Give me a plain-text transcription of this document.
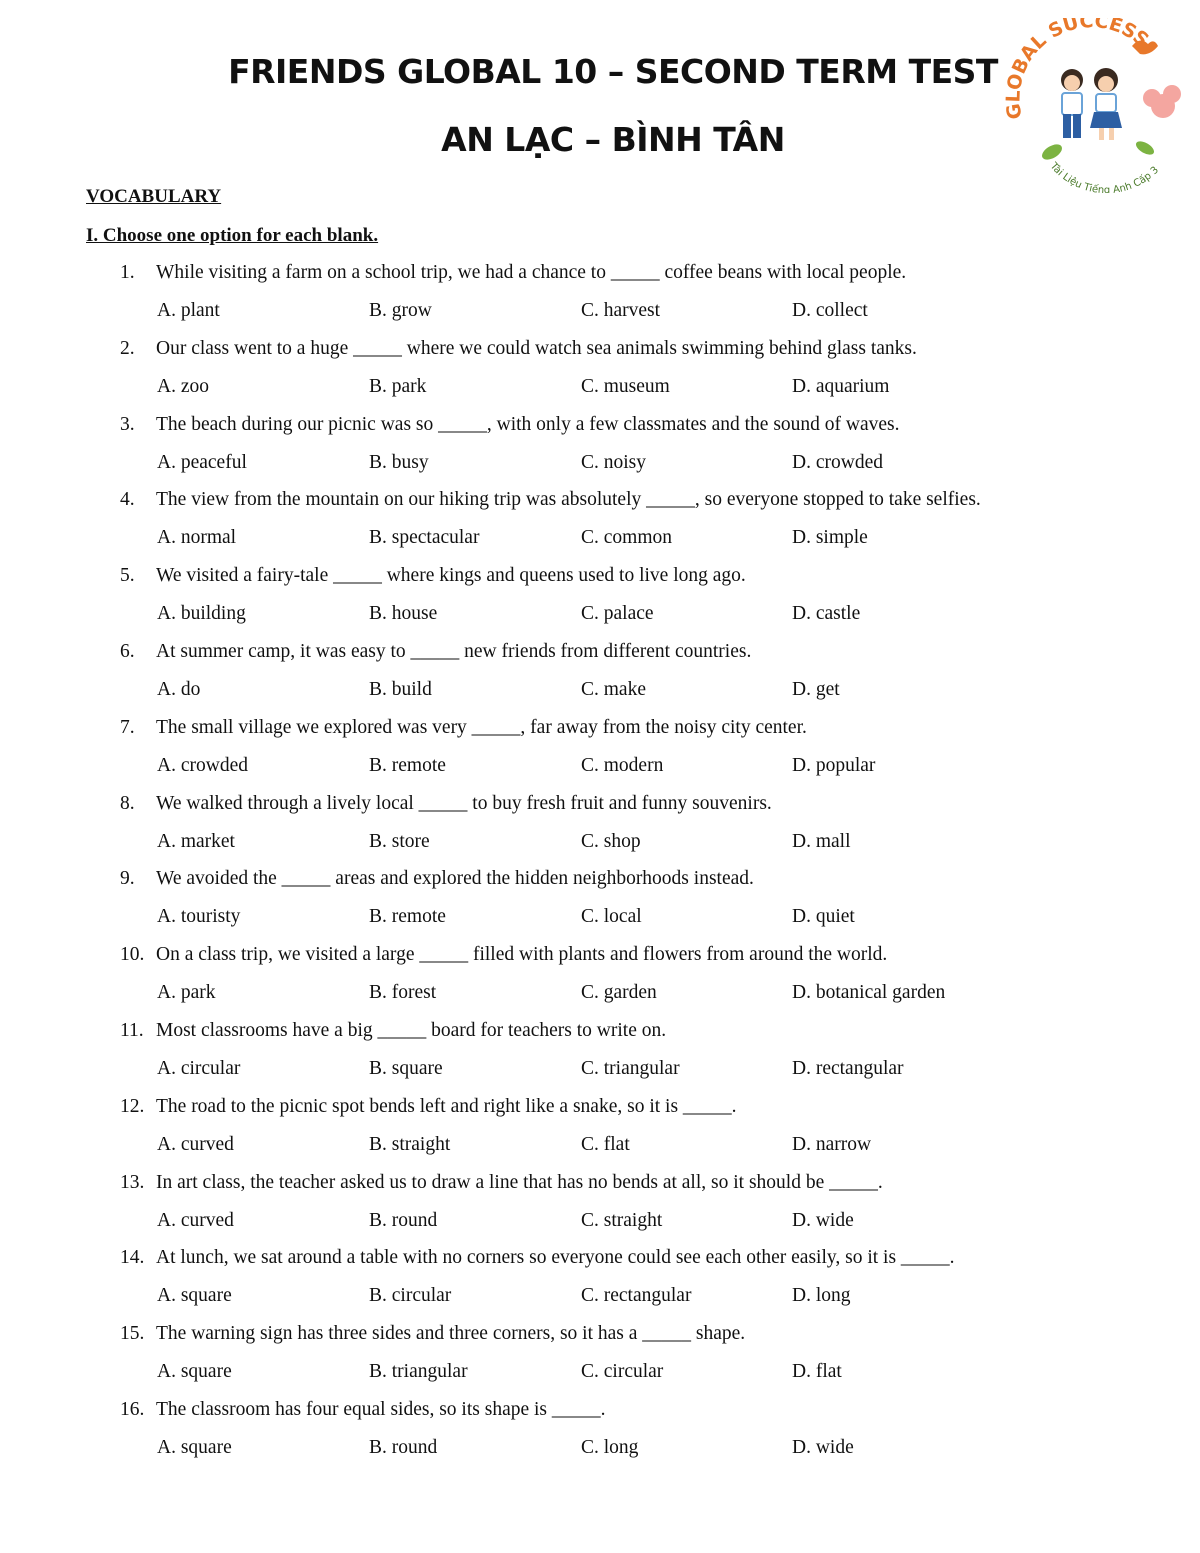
FRIENDS GLOBAL 10 – SECOND TERM TEST
AN LẠC – BÌNH TÂN
GLOBAL SUCCESS
Tài Liệu Tiếng Anh Cấp 3
VOCABULARY
I. Choose one option for each blank.
1. While visiting a farm on a school trip, we had a chance to _____ coffee beans with local people.
A. plant	B. grow	C. harvest	D. collect
2. Our class went to a huge _____ where we could watch sea animals swimming behind glass tanks.
A. zoo	B. park	C. museum	D. aquarium
3. The beach during our picnic was so _____, with only a few classmates and the sound of waves.
A. peaceful	B. busy	C. noisy	D. crowded
4. The view from the mountain on our hiking trip was absolutely _____, so everyone stopped to take selfies.
A. normal	B. spectacular	C. common	D. simple
5. We visited a fairy-tale _____ where kings and queens used to live long ago.
A. building	B. house	C. palace	D. castle
6. At summer camp, it was easy to _____ new friends from different countries.
A. do	B. build	C. make	D. get
7. The small village we explored was very _____, far away from the noisy city center.
A. crowded	B. remote	C. modern	D. popular
8. We walked through a lively local _____ to buy fresh fruit and funny souvenirs.
A. market	B. store	C. shop	D. mall
9. We avoided the _____ areas and explored the hidden neighborhoods instead.
A. touristy	B. remote	C. local	D. quiet
10. On a class trip, we visited a large _____ filled with plants and flowers from around the world.
A. park	B. forest	C. garden	D. botanical garden
11. Most classrooms have a big _____ board for teachers to write on.
A. circular	B. square	C. triangular	D. rectangular
12. The road to the picnic spot bends left and right like a snake, so it is _____.
A. curved	B. straight	C. flat	D. narrow
13. In art class, the teacher asked us to draw a line that has no bends at all, so it should be _____.
A. curved	B. round	C. straight	D. wide
14. At lunch, we sat around a table with no corners so everyone could see each other easily, so it is _____.
A. square	B. circular	C. rectangular	D. long
15. The warning sign has three sides and three corners, so it has a _____ shape.
A. square	B. triangular	C. circular	D. flat
16. The classroom has four equal sides, so its shape is _____.
A. square	B. round	C. long	D. wide
